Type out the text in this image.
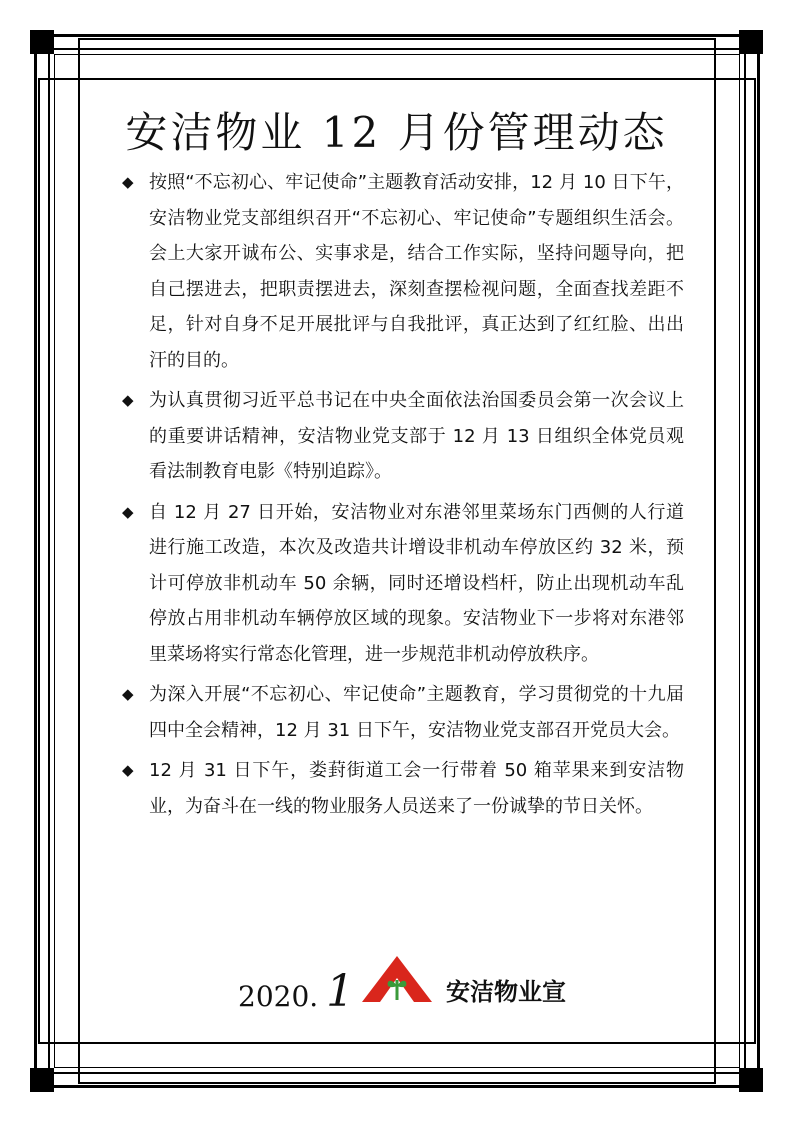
安洁物业 12 月份管理动态
◆ 按照“不忘初心、牢记使命”主题教育活动安排，12 月 10 日下午，安洁物业党支部组织召开“不忘初心、牢记使命”专题组织生活会。会上大家开诚布公、实事求是，结合工作实际，坚持问题导向，把自己摆进去，把职责摆进去，深刻查摆检视问题，全面查找差距不足，针对自身不足开展批评与自我批评，真正达到了红红脸、出出汗的目的。
◆ 为认真贯彻习近平总书记在中央全面依法治国委员会第一次会议上的重要讲话精神，安洁物业党支部于 12 月 13 日组织全体党员观看法制教育电影《特别追踪》。
◆ 自 12 月 27 日开始，安洁物业对东港邻里菜场东门西侧的人行道进行施工改造，本次及改造共计增设非机动车停放区约 32 米，预计可停放非机动车 50 余辆，同时还增设档杆，防止出现机动车乱停放占用非机动车辆停放区域的现象。安洁物业下一步将对东港邻里菜场将实行常态化管理，进一步规范非机动停放秩序。
◆ 为深入开展“不忘初心、牢记使命”主题教育，学习贯彻党的十九届四中全会精神，12 月 31 日下午，安洁物业党支部召开党员大会。
◆ 12 月 31 日下午，娄葑街道工会一行带着 50 箱苹果来到安洁物业，为奋斗在一线的物业服务人员送来了一份诚挚的节日关怀。
2020. 1	安洁物业宣
